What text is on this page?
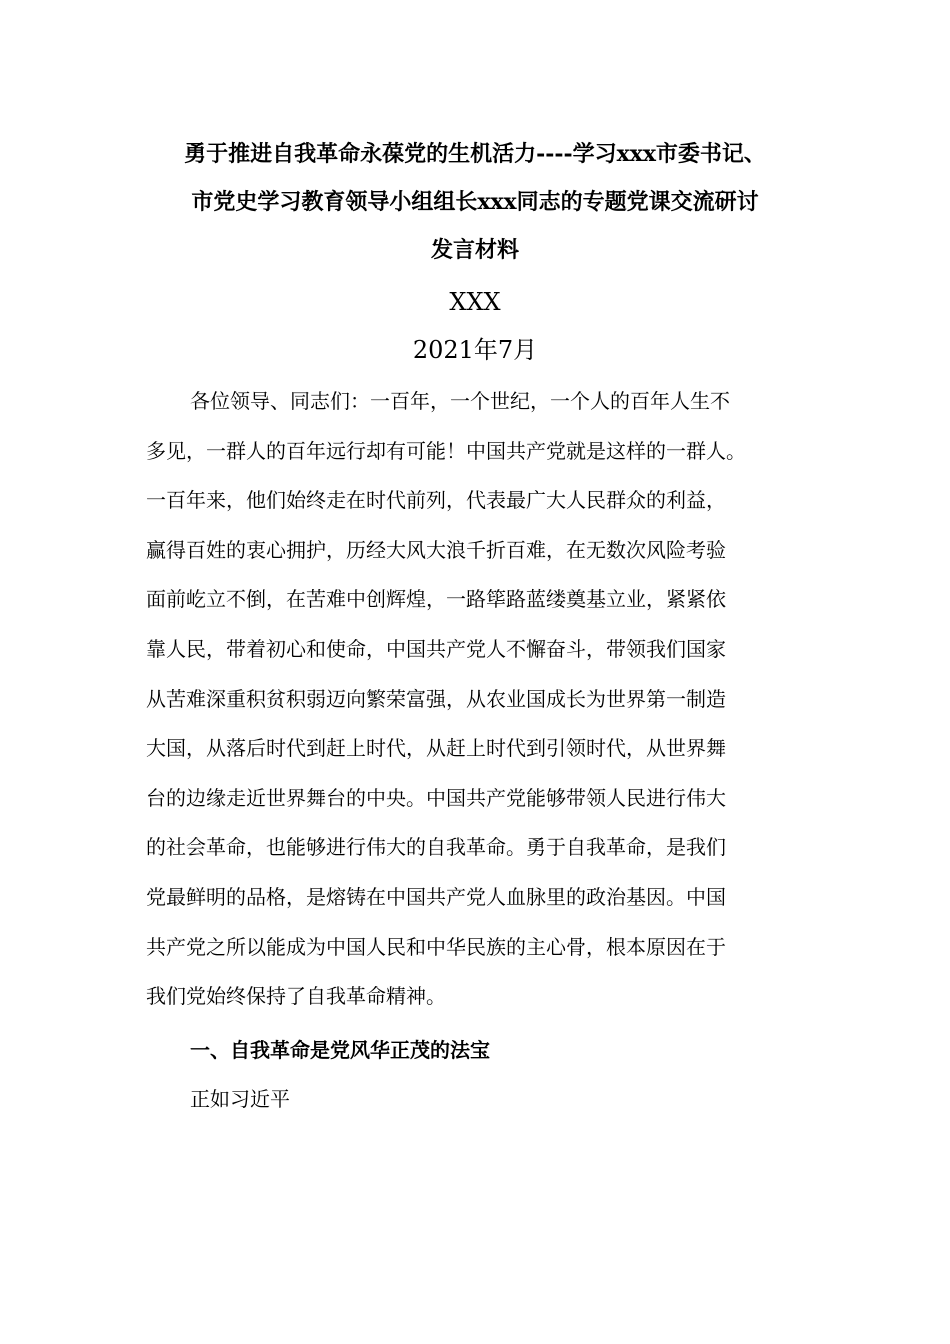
勇于推进自我革命永葆党的生机活力----学习xxx市委书记、
市党史学习教育领导小组组长xxx同志的专题党课交流研讨
发言材料
XXX
2021年7月
各位领导、同志们：一百年，一个世纪，一个人的百年人生不
多见，一群人的百年远行却有可能！中国共产党就是这样的一群人。
一百年来，他们始终走在时代前列，代表最广大人民群众的利益，
赢得百姓的衷心拥护，历经大风大浪千折百难，在无数次风险考验
面前屹立不倒，在苦难中创辉煌，一路筚路蓝缕奠基立业，紧紧依
靠人民，带着初心和使命，中国共产党人不懈奋斗，带领我们国家
从苦难深重积贫积弱迈向繁荣富强，从农业国成长为世界第一制造
大国，从落后时代到赶上时代，从赶上时代到引领时代，从世界舞
台的边缘走近世界舞台的中央。中国共产党能够带领人民进行伟大
的社会革命，也能够进行伟大的自我革命。勇于自我革命，是我们
党最鲜明的品格，是熔铸在中国共产党人血脉里的政治基因。中国
共产党之所以能成为中国人民和中华民族的主心骨，根本原因在于
我们党始终保持了自我革命精神。
一、自我革命是党风华正茂的法宝
正如习近平
